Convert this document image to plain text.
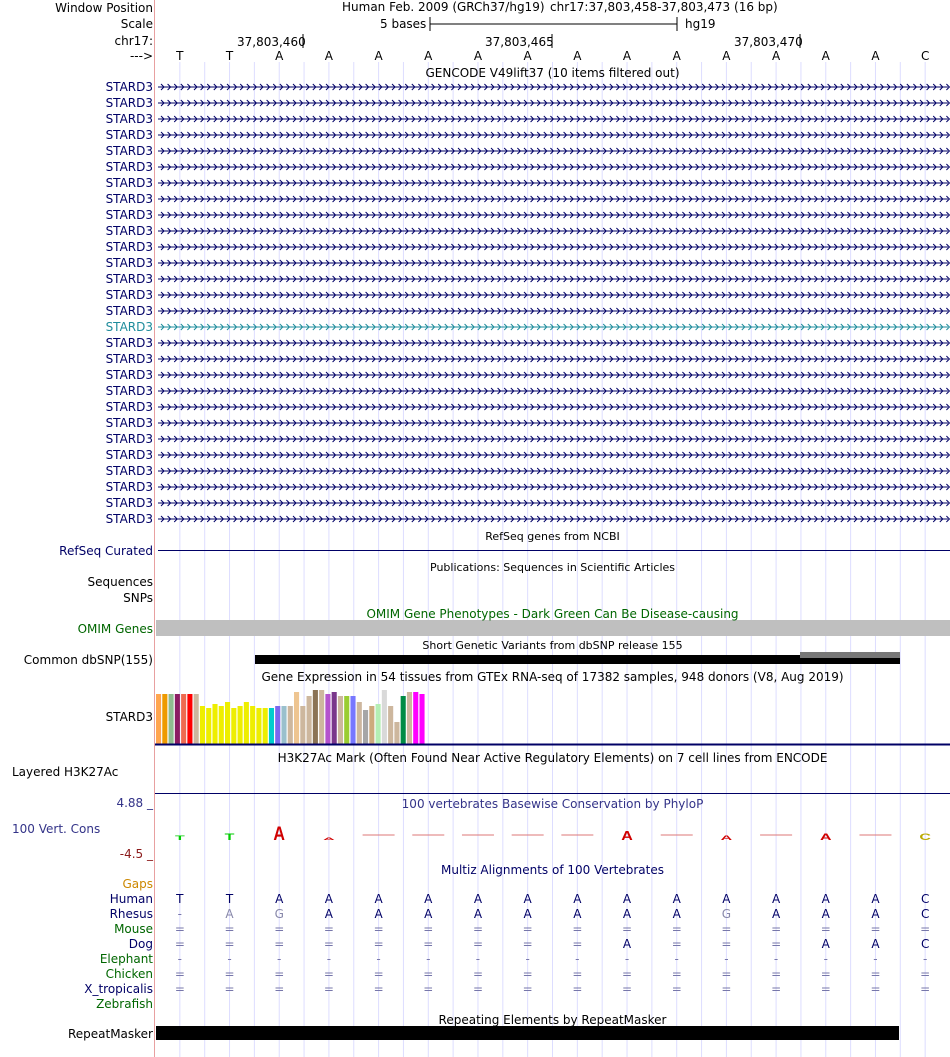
T T A A	A	A	A	C
Window Position
Scale
chr17:
--->
Human Feb. 2009 (GRCh37/hg19) chr17:37,803,458-37,803,473 (16 bp)
5 bases	hg19
37,803,460	37,803,465	37,803,470
T	T	A	A	A	A	A	A	A	A	A	A	A	A	A	C
GENCODE V49lift37 (10 items filtered out)
STARD3
STARD3
STARD3
STARD3
STARD3
STARD3
STARD3
STARD3
STARD3
STARD3
STARD3
STARD3
STARD3
STARD3
STARD3
STARD3
STARD3
STARD3
STARD3
STARD3
STARD3
STARD3
STARD3
STARD3
STARD3
STARD3
STARD3
STARD3
RefSeq genes from NCBI
RefSeq Curated
Publications: Sequences in Scientific Articles
Sequences
SNPs
OMIM Gene Phenotypes - Dark Green Can Be Disease-causing
OMIM Genes
Short Genetic Variants from dbSNP release 155
Common dbSNP(155)
Gene Expression in 54 tissues from GTEx RNA-seq of 17382 samples, 948 donors (V8, Aug 2019)
STARD3
H3K27Ac Mark (Often Found Near Active Regulatory Elements) on 7 cell lines from ENCODE
Layered H3K27Ac
100 vertebrates Basewise Conservation by PhyloP
4.88 _
100 Vert. Cons
-4.5 _
Multiz Alignments of 100 Vertebrates
Gaps
Human T	T	A	A	A	A	A	A	A	A	A	A	A	A	A	C
Rhesus -	A	G	A	A	A	A	A	A	A	A	G	A	A	A	C
Mouse =	=	=	=	=	=	=	=	=	=	=	=	=	=	=	=
Dog =	=	=	=	=	=	=	=	=	A	=	=	=	A	A	C
Elephant -	-	-	-	-	-	-	-	-	-	-	-	-	-	-	-
Chicken =	=	=	=	=	=	=	=	=	=	=	=	=	=	=	=
X_tropicalis =	=	=	=	=	=	=	=	=	=	=	=	=	=	=	=
Zebrafish
Repeating Elements by RepeatMasker
RepeatMasker
